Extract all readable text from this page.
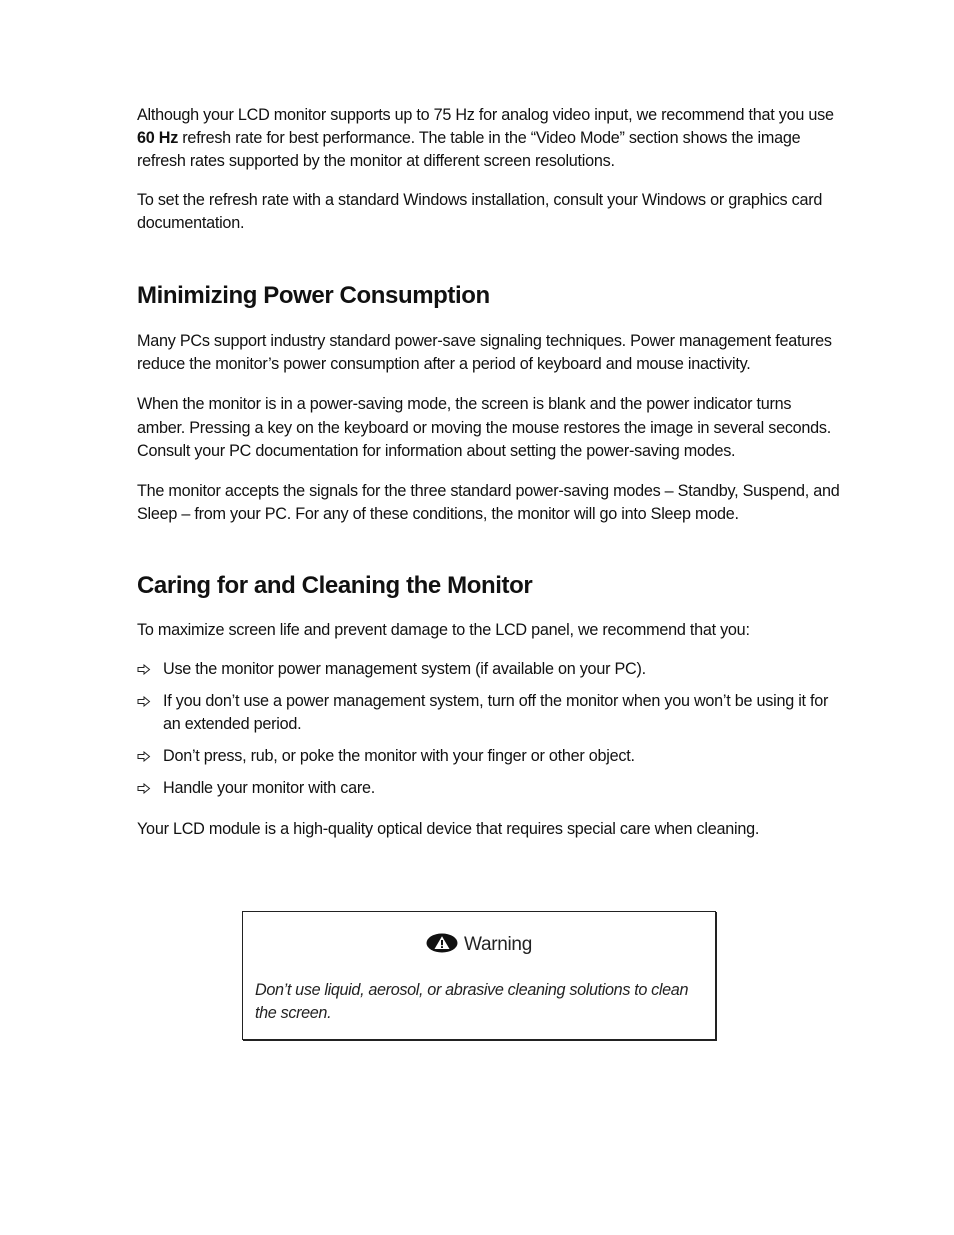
Although your LCD monitor supports up to 75 Hz for analog video input, we recommend that you use 60 Hz refresh rate for best performance. The table in the “Video Mode” section shows the image refresh rates supported by the monitor at different screen resolutions.

To set the refresh rate with a standard Windows installation, consult your Windows or graphics card documentation.

Minimizing Power Consumption

Many PCs support industry standard power-save signaling techniques. Power management features reduce the monitor’s power consumption after a period of keyboard and mouse inactivity.

When the monitor is in a power-saving mode, the screen is blank and the power indicator turns amber. Pressing a key on the keyboard or moving the mouse restores the image in several seconds. Consult your PC documentation for information about setting the power-saving modes.

The monitor accepts the signals for the three standard power-saving modes – Standby, Suspend, and Sleep – from your PC. For any of these conditions, the monitor will go into Sleep mode.

Caring for and Cleaning the Monitor

To maximize screen life and prevent damage to the LCD panel, we recommend that you:

Use the monitor power management system (if available on your PC).
If you don’t use a power management system, turn off the monitor when you won’t be using it for an extended period.
Don’t press, rub, or poke the monitor with your finger or other object.
Handle your monitor with care.

Your LCD module is a high-quality optical device that requires special care when cleaning.

Warning
Don’t use liquid, aerosol, or abrasive cleaning solutions to clean the screen.
